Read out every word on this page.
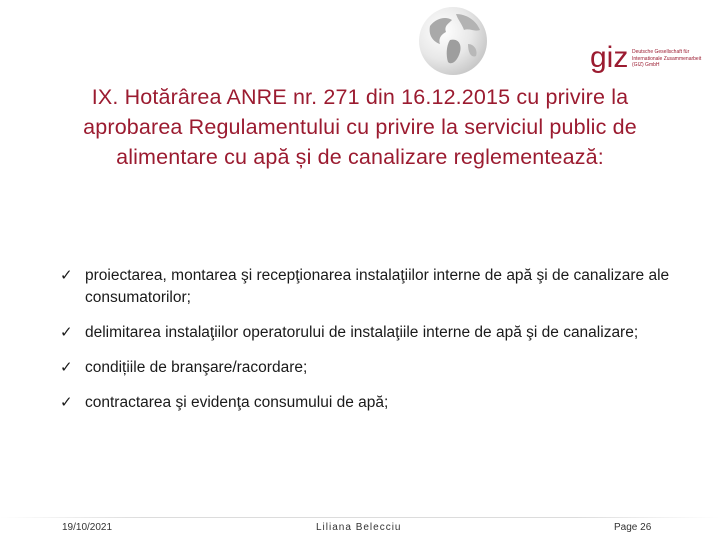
giz Deutsche Gesellschaft für Internationale Zusammenarbeit (GIZ) GmbH
IX. Hotărârea ANRE nr. 271 din 16.12.2015 cu privire la aprobarea Regulamentului cu privire la serviciul public de alimentare cu apă și de canalizare reglementează:
✓ proiectarea, montarea şi recepţionarea instalaţiilor interne de apă şi de canalizare ale consumatorilor;
✓ delimitarea instalaţiilor operatorului de instalaţiile interne de apă şi de canalizare;
✓ condițiile de branşare/racordare;
✓ contractarea şi evidenţa consumului de apă;
19/10/2021	Liliana Belecciu	Page 26
